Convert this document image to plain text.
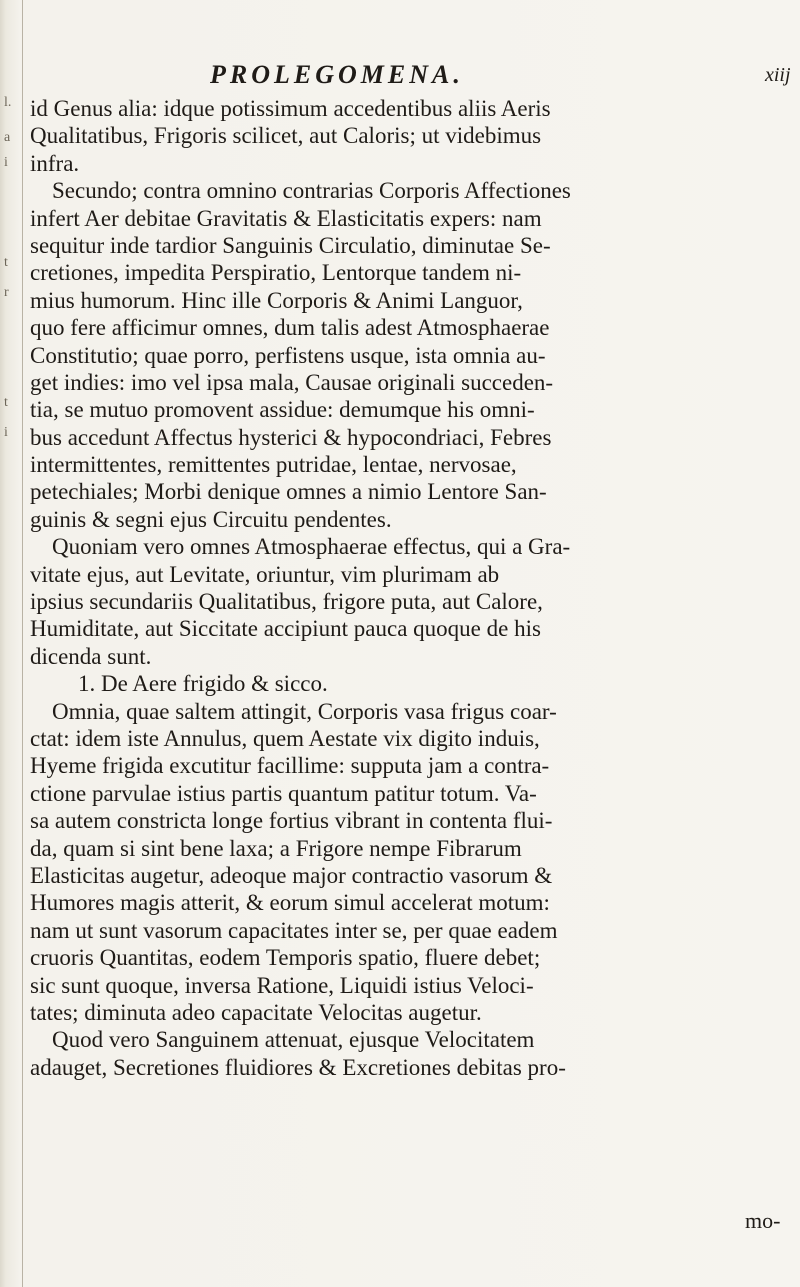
l.
a
i
t
r
t
i
PROLEGOMENA.	xiij
id Genus alia: idque potissimum accedentibus aliis Aeris
Qualitatibus, Frigoris scilicet, aut Caloris; ut videbimus
infra.
Secundo; contra omnino contrarias Corporis Affectiones
infert Aer debitae Gravitatis & Elasticitatis expers: nam
sequitur inde tardior Sanguinis Circulatio, diminutae Se-
cretiones, impedita Perspiratio, Lentorque tandem ni-
mius humorum. Hinc ille Corporis & Animi Languor,
quo fere afficimur omnes, dum talis adest Atmosphaerae
Constitutio; quae porro, perfistens usque, ista omnia au-
get indies: imo vel ipsa mala, Causae originali succeden-
tia, se mutuo promovent assidue: demumque his omni-
bus accedunt Affectus hysterici & hypocondriaci, Febres
intermittentes, remittentes putridae, lentae, nervosae,
petechiales; Morbi denique omnes a nimio Lentore San-
guinis & segni ejus Circuitu pendentes.
Quoniam vero omnes Atmosphaerae effectus, qui a Gra-
vitate ejus, aut Levitate, oriuntur, vim plurimam ab
ipsius secundariis Qualitatibus, frigore puta, aut Calore,
Humiditate, aut Siccitate accipiunt pauca quoque de his
dicenda sunt.
1. De Aere frigido & sicco.
Omnia, quae saltem attingit, Corporis vasa frigus coar-
ctat: idem iste Annulus, quem Aestate vix digito induis,
Hyeme frigida excutitur facillime: supputa jam a contra-
ctione parvulae istius partis quantum patitur totum. Va-
sa autem constricta longe fortius vibrant in contenta flui-
da, quam si sint bene laxa; a Frigore nempe Fibrarum
Elasticitas augetur, adeoque major contractio vasorum &
Humores magis atterit, & eorum simul accelerat motum:
nam ut sunt vasorum capacitates inter se, per quae eadem
cruoris Quantitas, eodem Temporis spatio, fluere debet;
sic sunt quoque, inversa Ratione, Liquidi istius Veloci-
tates; diminuta adeo capacitate Velocitas augetur.
Quod vero Sanguinem attenuat, ejusque Velocitatem
adauget, Secretiones fluidiores & Excretiones debitas pro-
mo-
